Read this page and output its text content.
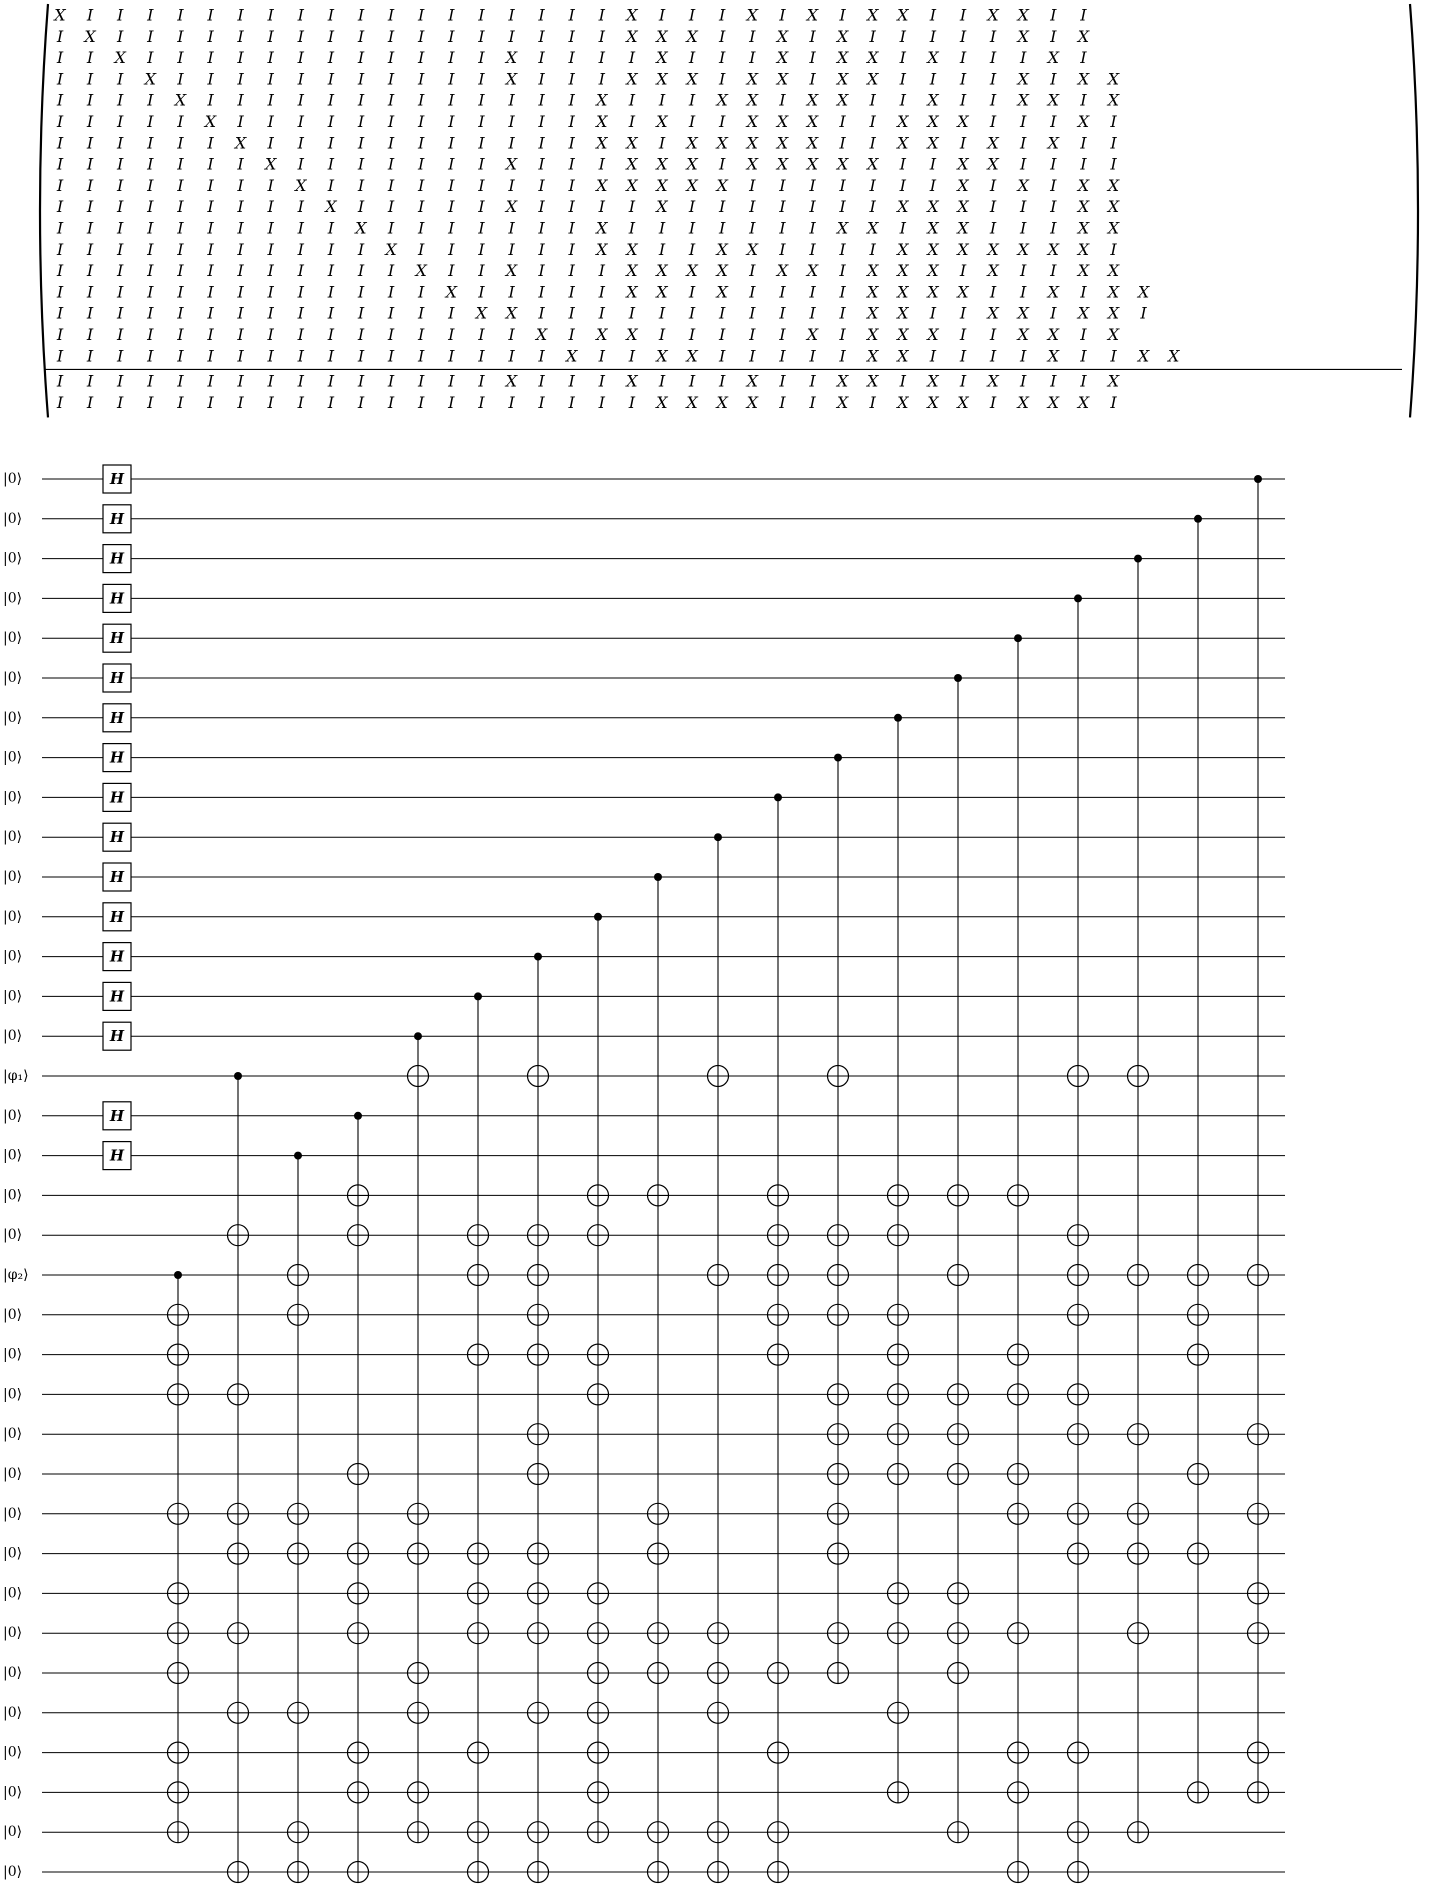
X I I I I I I I I I I I I I I I I I I X I I I X I X I X X I I X X I I
I X I I I I I I I I I I I I I I I I I X X X I I X I X I I I I I X I X
I I X I I I I I I I I I I I I X I I I I X I I I X I X X I X I I I X I
I I I X I I I I I I I I I I I X I I I X X X I X X I X X I I I I X I X X
I I I I X I I I I I I I I I I I I I X I I I X X I X X I I X I I X X I X
I I I I I X I I I I I I I I I I I I X I X I I X X X I I X X X I I I X I
I I I I I I X I I I I I I I I I I I X X I X X X X X I I X X I X I X I I
I I I I I I I X I I I I I I I X I I I X X X I X X X X X I I X X I I I I
I I I I I I I I X I I I I I I I I I X X X X X I I I I I I I X I X I X X
I I I I I I I I I X I I I I I X I I I I X I I I I I I I X X X I I I X X
I I I I I I I I I I X I I I I I I I X I I I I I I I X X I X X I I I X X
I I I I I I I I I I I X I I I I I I X X I I X X I I I I X X X X X X X I
I I I I I I I I I I I I X I I X I I I X X X X I X X I X X X I X I I X X
I I I I I I I I I I I I I X I I I I I X X I X I I I I X X X X I I X I X X
I I I I I I I I I I I I I I X X I I I I I I I I I I I X X I I X X I X X I
I I I I I I I I I I I I I I I I X I X X I I I I I X I X X X I I X X I X
I I I I I I I I I I I I I I I I I X I I X X I I I I I X X I I I I X I I X X
I I I I I I I I I I I I I I I X I I I X I I I X I I X X I X I X I I I X
I I I I I I I I I I I I I I I I I I I I X X X X I I X I X X X I X X X I
|0⟩
|0⟩
|0⟩
|0⟩
|0⟩
|0⟩
|0⟩
|0⟩
|0⟩
|0⟩
|0⟩
|0⟩
|0⟩
|0⟩
|0⟩
|φ₁⟩
|0⟩
|0⟩
|0⟩
|0⟩
|φ₂⟩
|0⟩
|0⟩
|0⟩
|0⟩
|0⟩
|0⟩
|0⟩
|0⟩
|0⟩
|0⟩
|0⟩
|0⟩
|0⟩
|0⟩
|0⟩
H
H
H
H
H
H
H
H
H
H
H
H
H
H
H
H
H
